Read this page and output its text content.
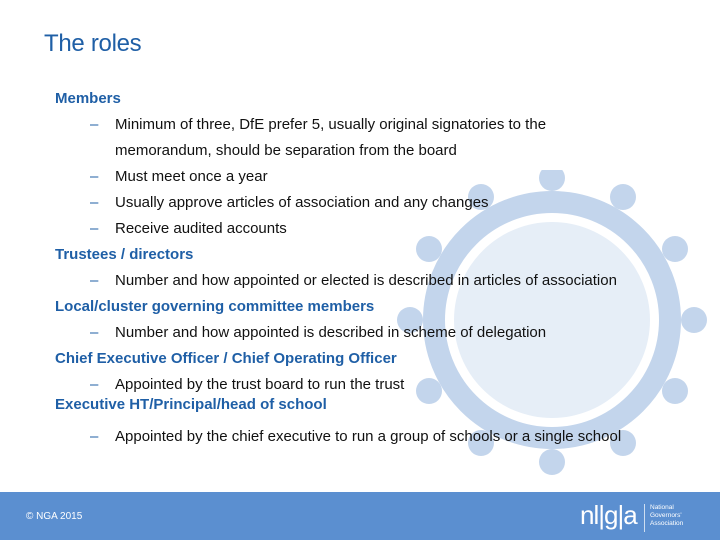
The roles
Members
– Minimum of three, DfE prefer 5, usually original signatories to the
memorandum, should be separation from the board
– Must meet once a year
– Usually approve articles of association and any changes
– Receive audited accounts
Trustees / directors
– Number and how appointed or elected is described in articles of association
Local/cluster governing committee members
– Number and how appointed is described in scheme of delegation
Chief Executive Officer / Chief Operating Officer
– Appointed by the trust board to run the trust
Executive HT/Principal/head of school
– Appointed by the chief executive to run a group of schools or a single school
© NGA 2015	nl|g|a National
Governors'
Association
